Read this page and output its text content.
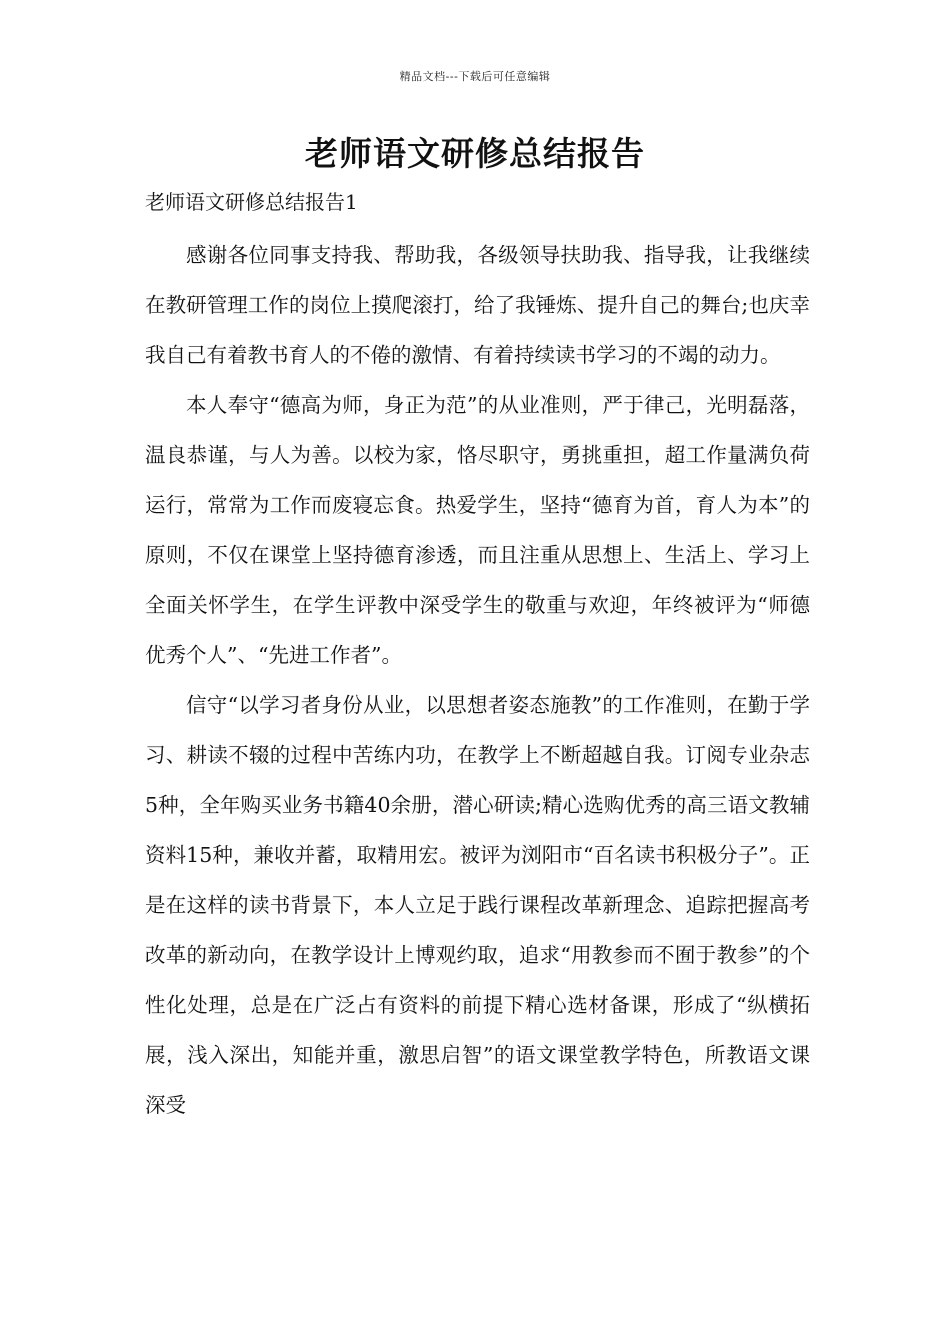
精品文档---下载后可任意编辑
老师语文研修总结报告
老师语文研修总结报告1

感谢各位同事支持我、帮助我，各级领导扶助我、指导我，让我继续在教研管理工作的岗位上摸爬滚打，给了我锤炼、提升自己的舞台;也庆幸我自己有着教书育人的不倦的激情、有着持续读书学习的不竭的动力。

本人奉守“德高为师，身正为范”的从业准则，严于律己，光明磊落，温良恭谨，与人为善。以校为家，恪尽职守，勇挑重担，超工作量满负荷运行，常常为工作而废寝忘食。热爱学生，坚持“德育为首，育人为本”的原则，不仅在课堂上坚持德育渗透，而且注重从思想上、生活上、学习上全面关怀学生，在学生评教中深受学生的敬重与欢迎，年终被评为“师德优秀个人”、“先进工作者”。

信守“以学习者身份从业，以思想者姿态施教”的工作准则，在勤于学习、耕读不辍的过程中苦练内功，在教学上不断超越自我。订阅专业杂志5种，全年购买业务书籍40余册，潜心研读;精心选购优秀的高三语文教辅资料15种，兼收并蓄，取精用宏。被评为浏阳市“百名读书积极分子”。正是在这样的读书背景下，本人立足于践行课程改革新理念、追踪把握高考改革的新动向，在教学设计上博观约取，追求“用教参而不囿于教参”的个性化处理，总是在广泛占有资料的前提下精心选材备课，形成了“纵横拓展，浅入深出，知能并重，激思启智”的语文课堂教学特色，所教语文课深受
